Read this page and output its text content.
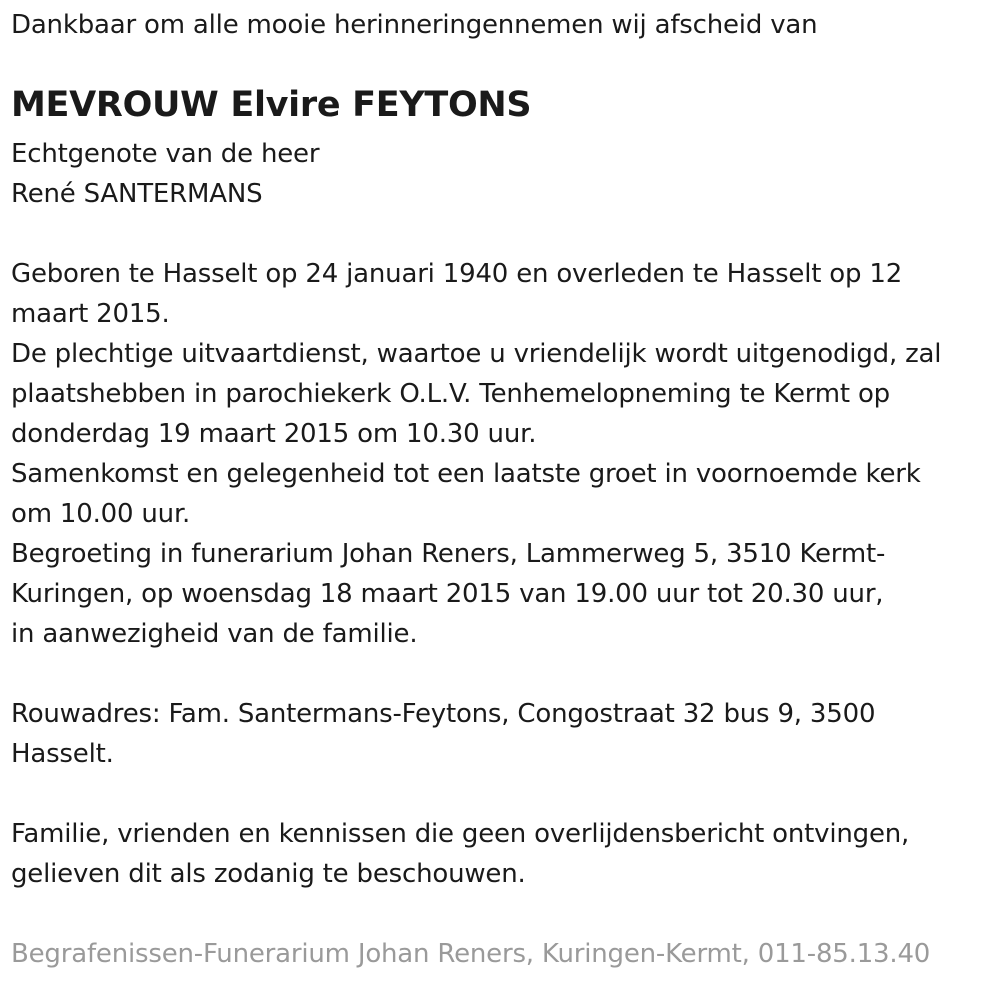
Dankbaar om alle mooie herinneringennemen wij afscheid van
MEVROUW Elvire FEYTONS
Echtgenote van de heer
René SANTERMANS
Geboren te Hasselt op 24 januari 1940 en overleden te Hasselt op 12
maart 2015.
De plechtige uitvaartdienst, waartoe u vriendelijk wordt uitgenodigd, zal
plaatshebben in parochiekerk O.L.V. Tenhemelopneming te Kermt op
donderdag 19 maart 2015 om 10.30 uur.
Samenkomst en gelegenheid tot een laatste groet in voornoemde kerk
om 10.00 uur.
Begroeting in funerarium Johan Reners, Lammerweg 5, 3510 Kermt-
Kuringen, op woensdag 18 maart 2015 van 19.00 uur tot 20.30 uur,
in aanwezigheid van de familie.
Rouwadres: Fam. Santermans-Feytons, Congostraat 32 bus 9, 3500
Hasselt.
Familie, vrienden en kennissen die geen overlijdensbericht ontvingen,
gelieven dit als zodanig te beschouwen.
Begrafenissen-Funerarium Johan Reners, Kuringen-Kermt, 011-85.13.40
